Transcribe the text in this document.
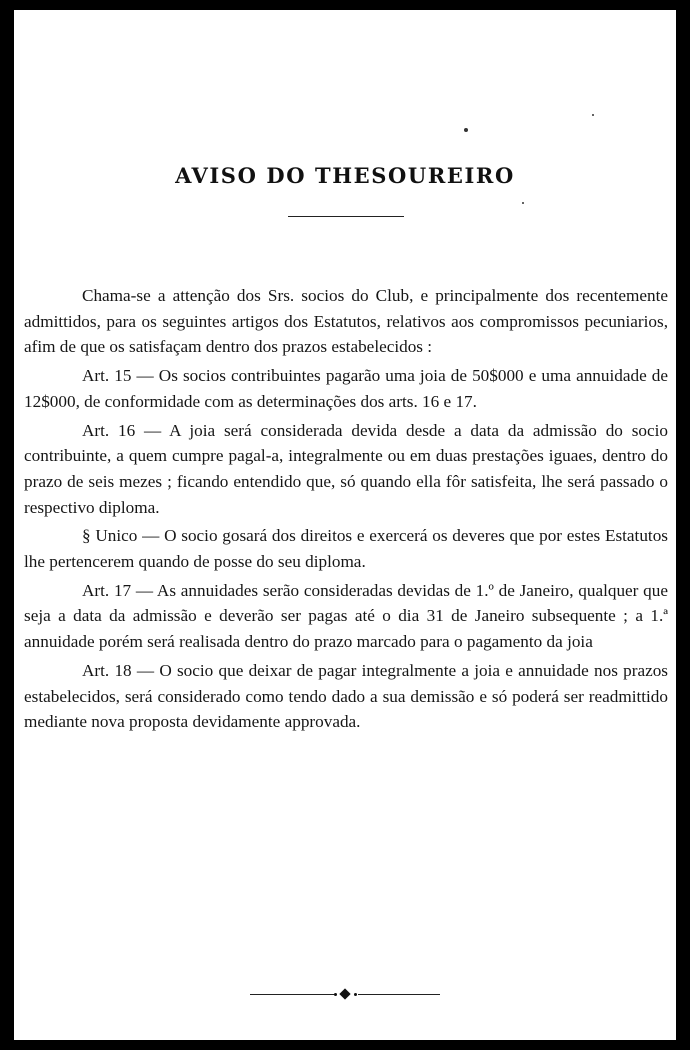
AVISO DO THESOUREIRO

Chama-se a attenção dos Srs. socios do Club, e principalmente dos recentemente admittidos, para os seguintes artigos dos Estatutos, relativos aos compromissos pecuniarios, afim de que os satisfaçam dentro dos prazos estabelecidos :

Art. 15 — Os socios contribuintes pagarão uma joia de 50$000 e uma annuidade de 12$000, de conformidade com as determinações dos arts. 16 e 17.

Art. 16 — A joia será considerada devida desde a data da admissão do socio contribuinte, a quem cumpre pagal-a, integralmente ou em duas prestações iguaes, dentro do prazo de seis mezes ; ficando entendido que, só quando ella fôr satisfeita, lhe será passado o respectivo diploma.

§ Unico — O socio gosará dos direitos e exercerá os deveres que por estes Estatutos lhe pertencerem quando de posse do seu diploma.

Art. 17 — As annuidades serão consideradas devidas de 1.º de Janeiro, qualquer que seja a data da admissão e deverão ser pagas até o dia 31 de Janeiro subsequente ; a 1.ª annuidade porém será realisada dentro do prazo marcado para o pagamento da joia

Art. 18 — O socio que deixar de pagar integralmente a joia e annuidade nos prazos estabelecidos, será considerado como tendo dado a sua demissão e só poderá ser readmittido mediante nova proposta devidamente approvada.
